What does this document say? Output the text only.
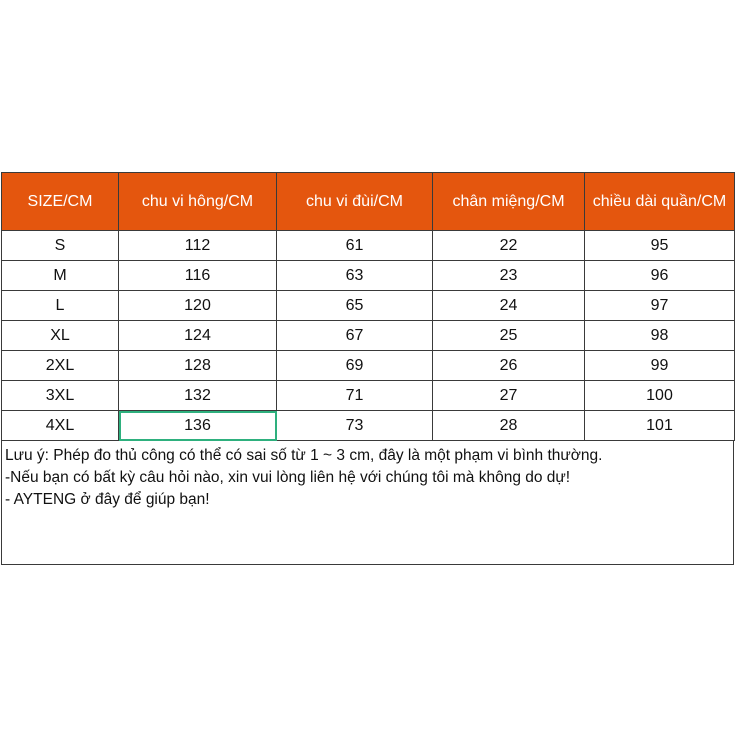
SIZE/CM	chu vi hông/CM	chu vi đùi/CM	chân miệng/CM	chiều dài quần/CM
S	112	61	22	95
M	116	63	23	96
L	120	65	24	97
XL	124	67	25	98
2XL	128	69	26	99
3XL	132	71	27	100
4XL	136	73	28	101
Lưu ý: Phép đo thủ công có thể có sai số từ 1 ~ 3 cm, đây là một phạm vi bình thường.
-Nếu bạn có bất kỳ câu hỏi nào, xin vui lòng liên hệ với chúng tôi mà không do dự!
- AYTENG ở đây để giúp bạn!
